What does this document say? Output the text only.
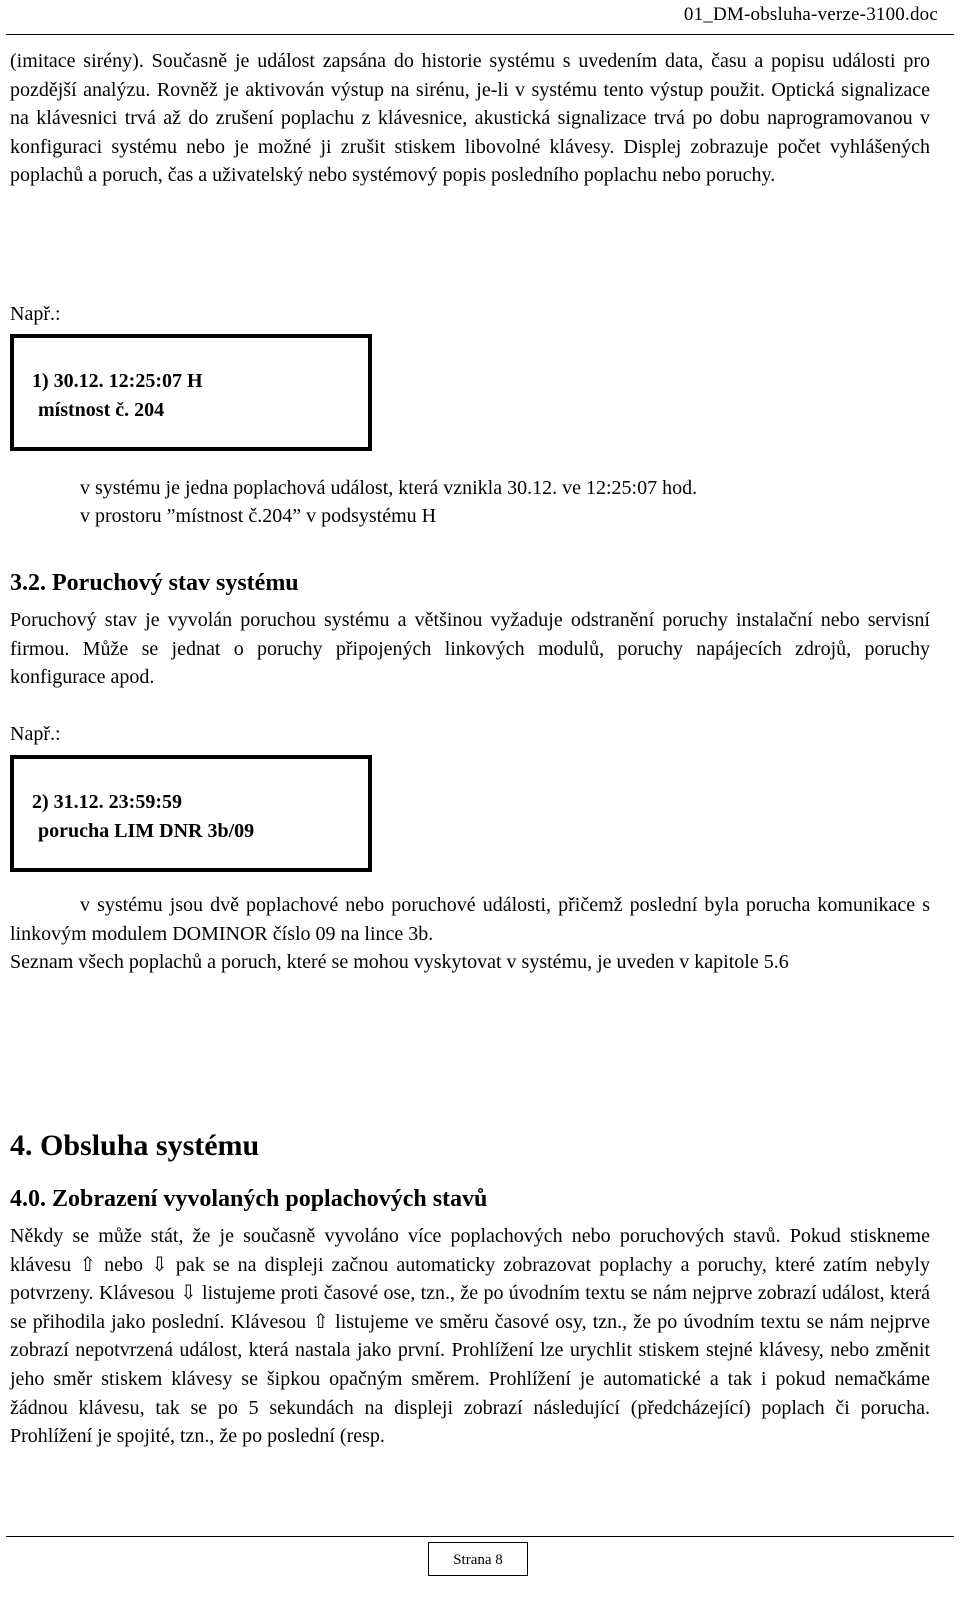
01_DM-obsluha-verze-3100.doc

(imitace sirény). Současně je událost zapsána do historie systému s uvedením data, času a popisu události pro pozdější analýzu. Rovněž je aktivován výstup na sirénu, je-li v systému tento výstup použit. Optická signalizace na klávesnici trvá až do zrušení poplachu z klávesnice, akustická signalizace trvá po dobu naprogramovanou v konfiguraci systému nebo je možné ji zrušit stiskem libovolné klávesy. Displej zobrazuje počet vyhlášených poplachů a poruch, čas a uživatelský nebo systémový popis posledního poplachu nebo poruchy.

Např.:
1) 30.12. 12:25:07 H
místnost č. 204
v systému je jedna poplachová událost, která vznikla 30.12. ve 12:25:07 hod.
v prostoru ”místnost č.204” v podsystému H
3.2. Poruchový stav systému

Poruchový stav je vyvolán poruchou systému a většinou vyžaduje odstranění poruchy instalační nebo servisní firmou. Může se jednat o poruchy připojených linkových modulů, poruchy napájecích zdrojů, poruchy konfigurace apod.

Např.:
2) 31.12. 23:59:59
porucha LIM DNR 3b/09

v systému jsou dvě poplachové nebo poruchové události, přičemž poslední byla porucha komunikace s linkovým modulem DOMINOR číslo 09 na lince 3b.

Seznam všech poplachů a poruch, které se mohou vyskytovat v systému, je uveden v kapitole 5.6

4. Obsluha systému
4.0. Zobrazení vyvolaných poplachových stavů

Někdy se může stát, že je současně vyvoláno více poplachových nebo poruchových stavů. Pokud stiskneme klávesu ⇧ nebo ⇩ pak se na displeji začnou automaticky zobrazovat poplachy a poruchy, které zatím nebyly potvrzeny. Klávesou ⇩ listujeme proti časové ose, tzn., že po úvodním textu se nám nejprve zobrazí událost, která se přihodila jako poslední. Klávesou ⇧ listujeme ve směru časové osy, tzn., že po úvodním textu se nám nejprve zobrazí nepotvrzená událost, která nastala jako první. Prohlížení lze urychlit stiskem stejné klávesy, nebo změnit jeho směr stiskem klávesy se šipkou opačným směrem. Prohlížení je automatické a tak i pokud nemačkáme žádnou klávesu, tak se po 5 sekundách na displeji zobrazí následující (předcházející) poplach či porucha. Prohlížení je spojité, tzn., že po poslední (resp.

Strana 8
